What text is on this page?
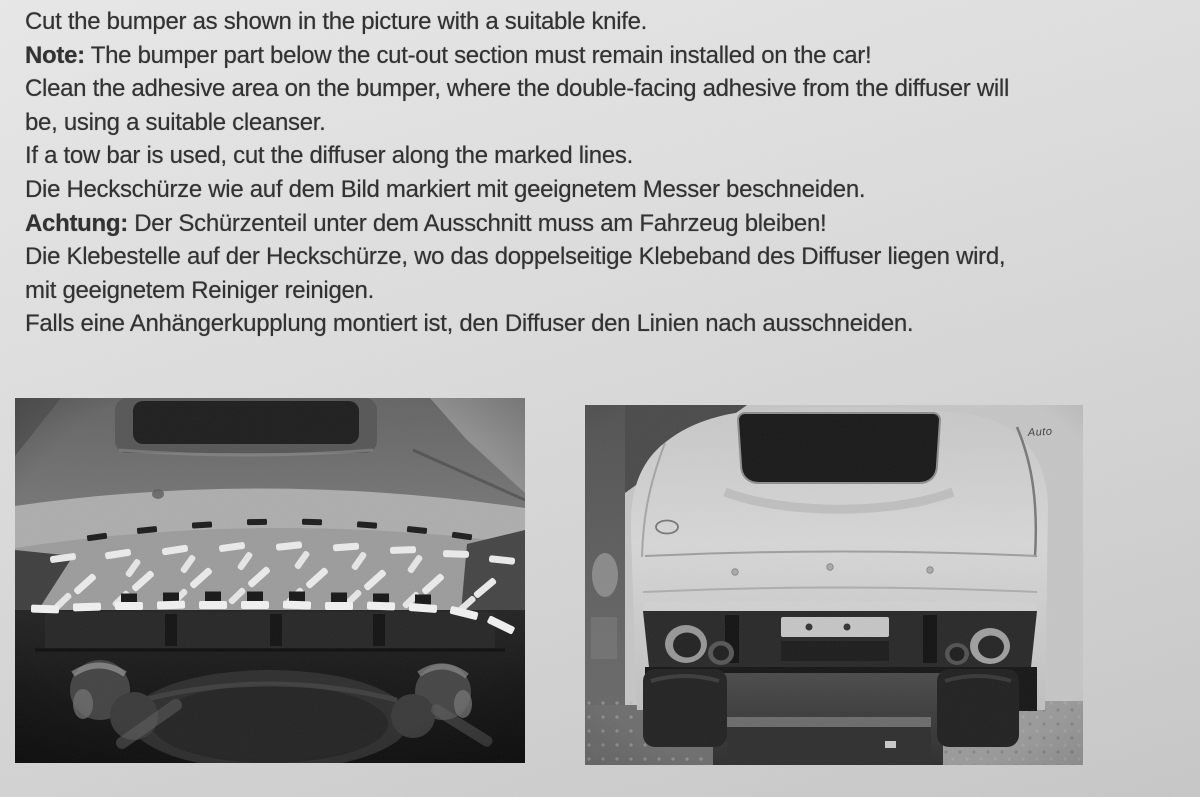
Cut the bumper as shown in the picture with a suitable knife.
Note: The bumper part below the cut-out section must remain installed on the car!
Clean the adhesive area on the bumper, where the double-facing adhesive from the diffuser will
be, using a suitable cleanser.
If a tow bar is used, cut the diffuser along the marked lines.
Die Heckschürze wie auf dem Bild markiert mit geeignetem Messer beschneiden.
Achtung: Der Schürzenteil unter dem Ausschnitt muss am Fahrzeug bleiben!
Die Klebestelle auf der Heckschürze, wo das doppelseitige Klebeband des Diffuser liegen wird,
mit geeignetem Reiniger reinigen.
Falls eine Anhängerkupplung montiert ist, den Diffuser den Linien nach ausschneiden.
